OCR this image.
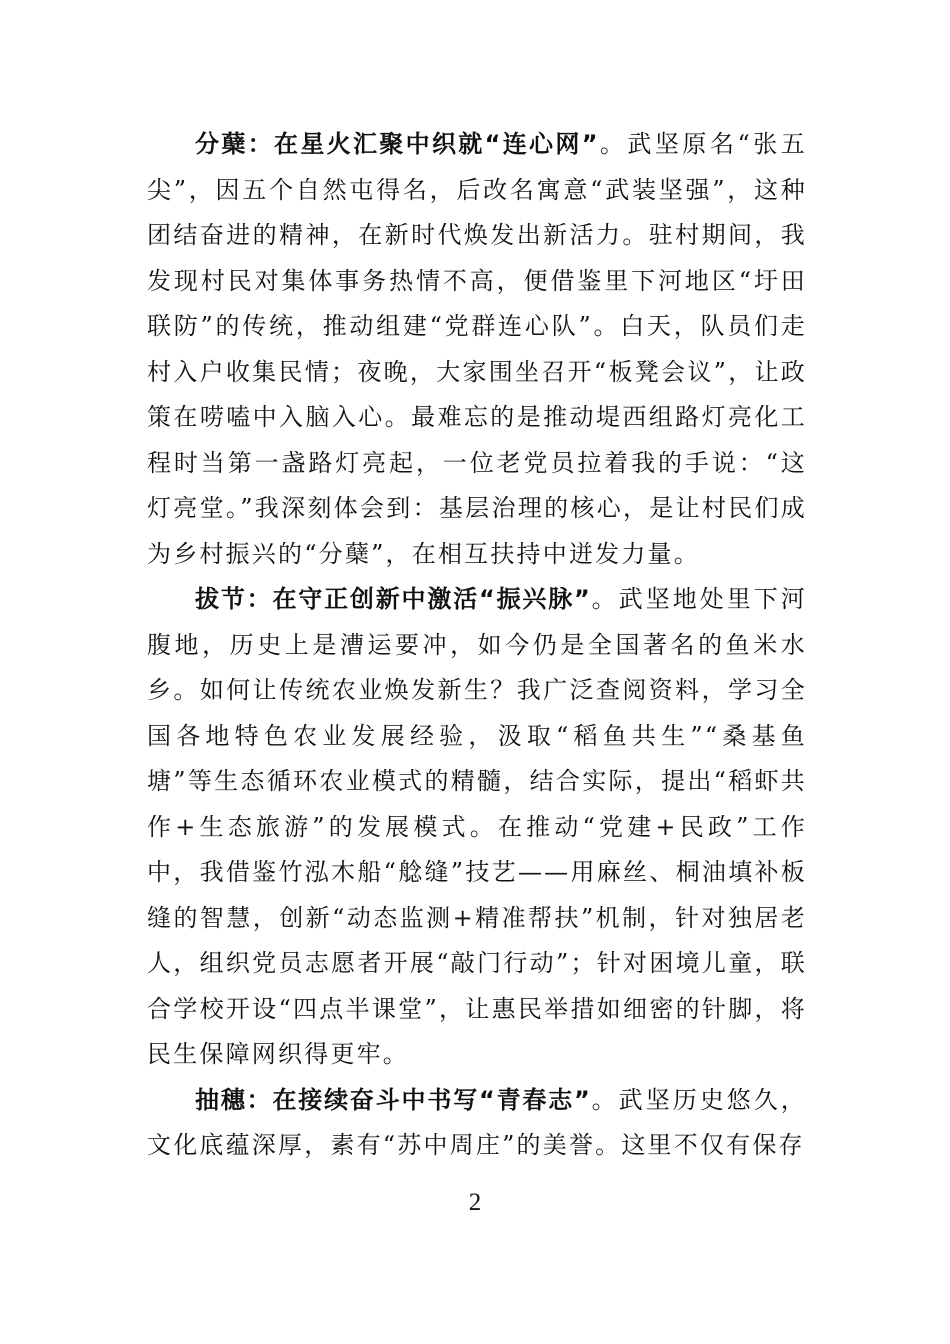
分蘖：在星火汇聚中织就“连心网”。武坚原名“张五尖”，因五个自然屯得名，后改名寓意“武装坚强”，这种团结奋进的精神，在新时代焕发出新活力。驻村期间，我发现村民对集体事务热情不高，便借鉴里下河地区“圩田联防”的传统，推动组建“党群连心队”。白天，队员们走村入户收集民情；夜晚，大家围坐召开“板凳会议”，让政策在唠嗑中入脑入心。最难忘的是推动堤西组路灯亮化工程时当第一盏路灯亮起，一位老党员拉着我的手说：“这灯亮堂。”我深刻体会到：基层治理的核心，是让村民们成为乡村振兴的“分蘖”，在相互扶持中迸发力量。

拔节：在守正创新中激活“振兴脉”。武坚地处里下河腹地，历史上是漕运要冲，如今仍是全国著名的鱼米水乡。如何让传统农业焕发新生？我广泛查阅资料，学习全国各地特色农业发展经验，汲取“稻鱼共生”“桑基鱼塘”等生态循环农业模式的精髓，结合实际，提出“稻虾共作+生态旅游”的发展模式。在推动“党建+民政”工作中，我借鉴竹泓木船“艌缝”技艺——用麻丝、桐油填补板缝的智慧，创新“动态监测+精准帮扶”机制，针对独居老人，组织党员志愿者开展“敲门行动”；针对困境儿童，联合学校开设“四点半课堂”，让惠民举措如细密的针脚，将民生保障网织得更牢。

抽穗：在接续奋斗中书写“青春志”。武坚历史悠久，文化底蕴深厚，素有“苏中周庄”的美誉。这里不仅有保存

2
